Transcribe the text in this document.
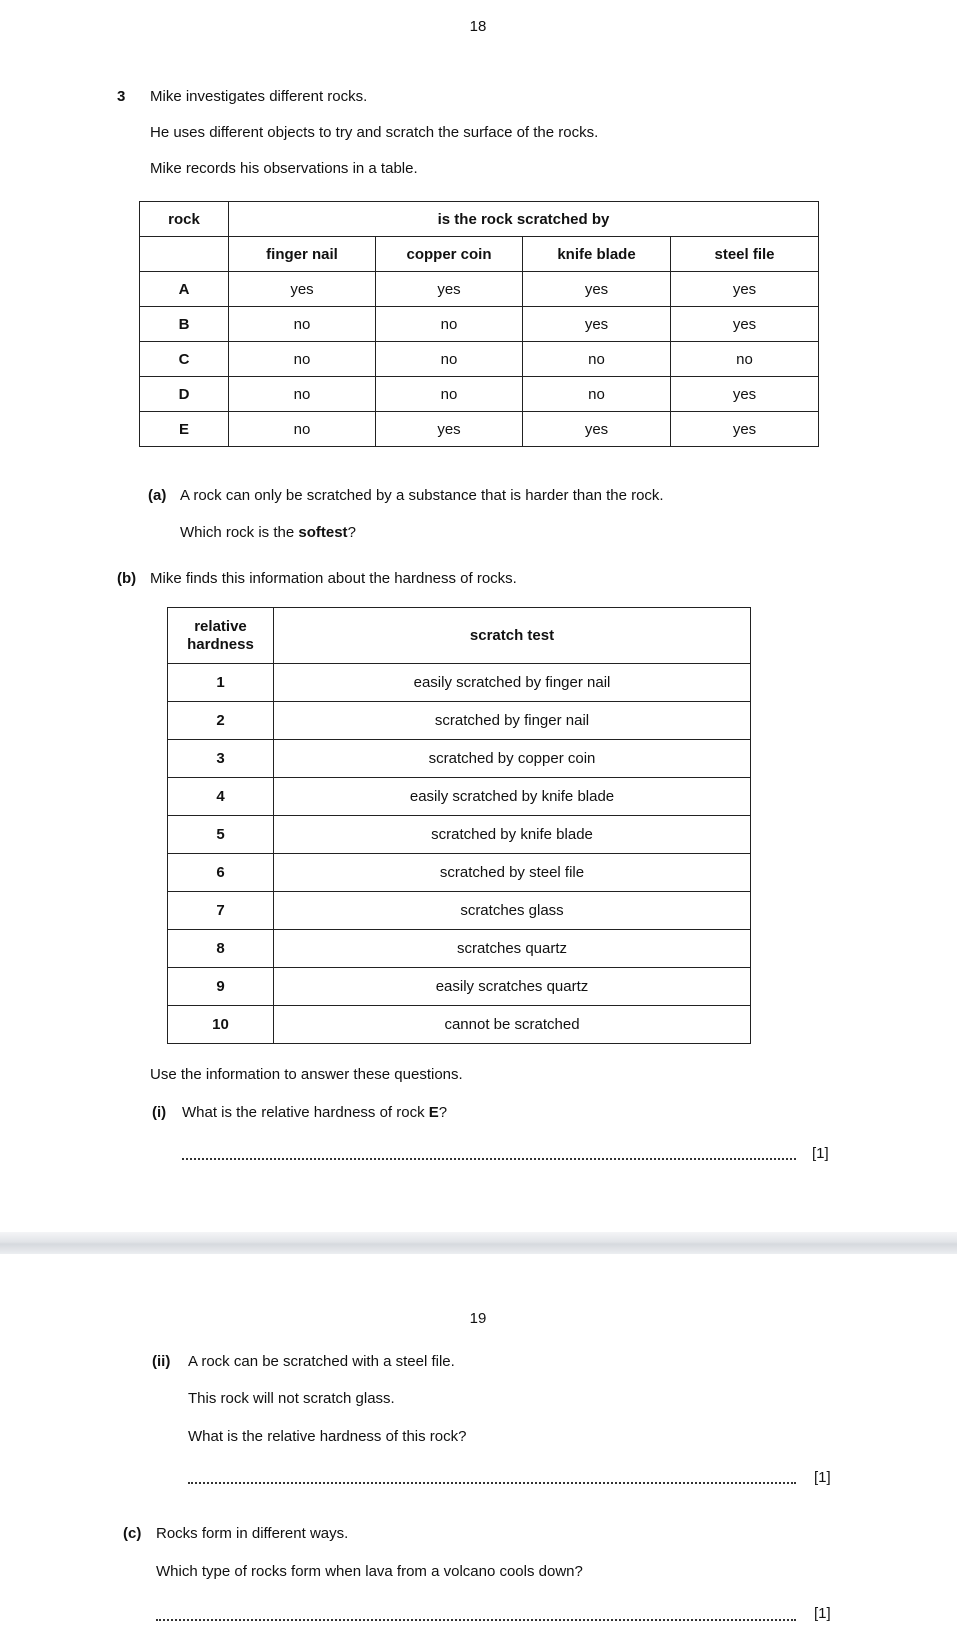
18
3 Mike investigates different rocks.
He uses different objects to try and scratch the surface of the rocks.
Mike records his observations in a table.
rock	is the rock scratched by			
	finger nail	copper coin	knife blade	steel file
A	yes	yes	yes	yes
B	no	no	yes	yes
C	no	no	no	no
D	no	no	no	yes
E	no	yes	yes	yes
(a) A rock can only be scratched by a substance that is harder than the rock.
Which rock is the softest?
(b) Mike finds this information about the hardness of rocks.
relative hardness	scratch test
1	easily scratched by finger nail
2	scratched by finger nail
3	scratched by copper coin
4	easily scratched by knife blade
5	scratched by knife blade
6	scratched by steel file
7	scratches glass
8	scratches quartz
9	easily scratches quartz
10	cannot be scratched
Use the information to answer these questions.
(i) What is the relative hardness of rock E?
[1]
19
(ii) A rock can be scratched with a steel file.
This rock will not scratch glass.
What is the relative hardness of this rock?
[1]
(c) Rocks form in different ways.
Which type of rocks form when lava from a volcano cools down?
[1]
